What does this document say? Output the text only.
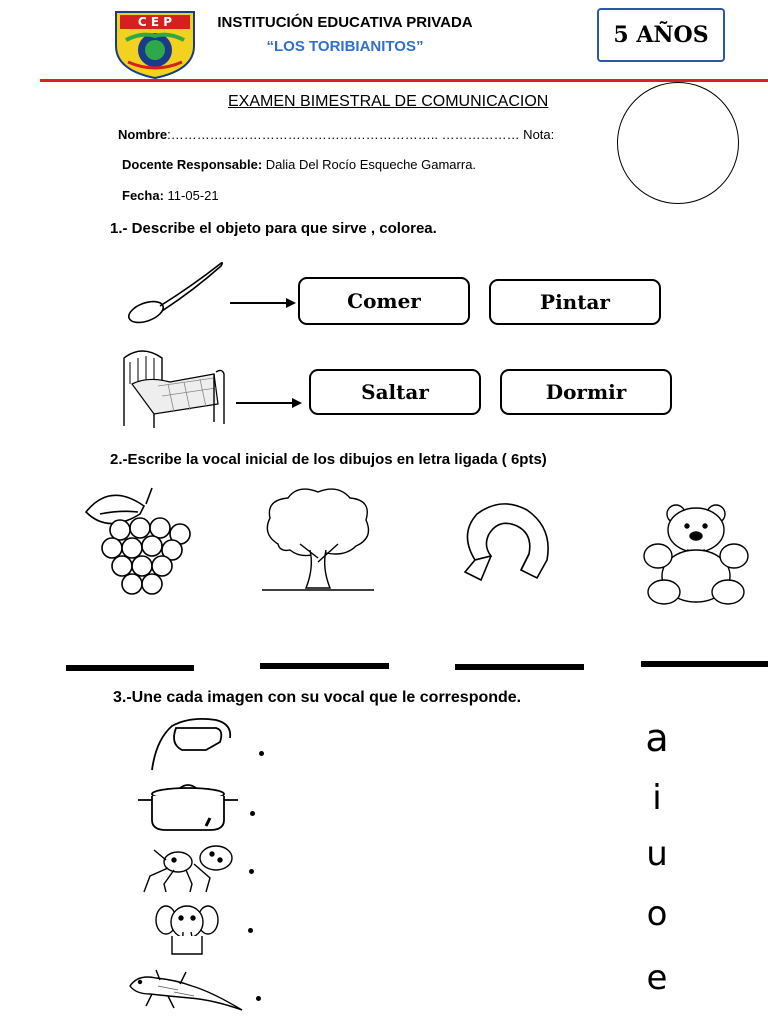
C E P	INSTITUCIÓN EDUCATIVA PRIVADA
“LOS TORIBIANITOS”	5 AÑOS
EXAMEN BIMESTRAL DE COMUNICACION
Nombre:…………………………………………………….. ……………… Nota:
Docente Responsable: Dalia Del Rocío Esqueche Gamarra.
Fecha: 11-05-21
1.- Describe el objeto para que sirve , colorea.
Comer	Pintar
Saltar	Dormir
2.-Escribe la vocal inicial de los dibujos en letra ligada ( 6pts)
3.-Une cada imagen con su vocal que le corresponde.
a
i
u
o
e
